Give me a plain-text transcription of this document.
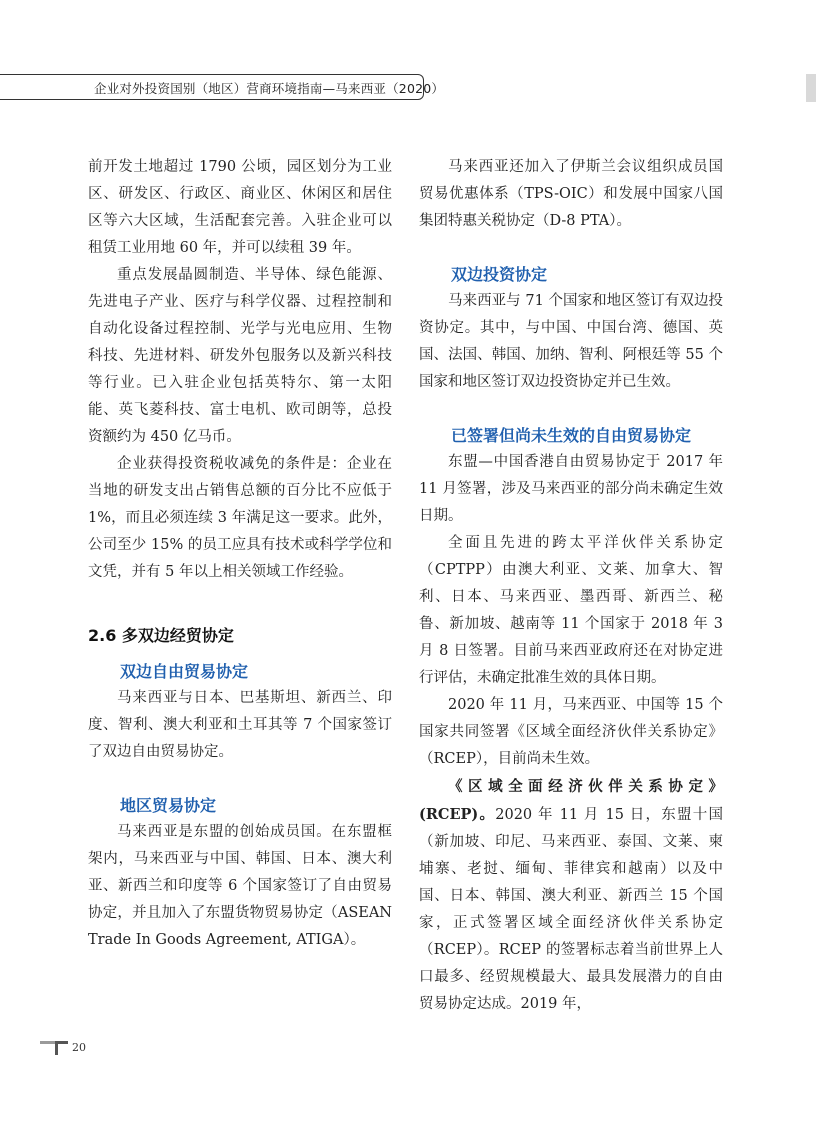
企业对外投资国别（地区）营商环境指南—马来西亚（2020）

前开发土地超过 1790 公顷，园区划分为工业区、研发区、行政区、商业区、休闲区和居住区等六大区域，生活配套完善。入驻企业可以租赁工业用地 60 年，并可以续租 39 年。

重点发展晶圆制造、半导体、绿色能源、先进电子产业、医疗与科学仪器、过程控制和自动化设备过程控制、光学与光电应用、生物科技、先进材料、研发外包服务以及新兴科技等行业。已入驻企业包括英特尔、第一太阳能、英飞菱科技、富士电机、欧司朗等，总投资额约为 450 亿马币。

企业获得投资税收减免的条件是：企业在当地的研发支出占销售总额的百分比不应低于 1%，而且必须连续 3 年满足这一要求。此外，公司至少 15% 的员工应具有技术或科学学位和文凭，并有 5 年以上相关领域工作经验。

2.6 多双边经贸协定

双边自由贸易协定

马来西亚与日本、巴基斯坦、新西兰、印度、智利、澳大利亚和土耳其等 7 个国家签订了双边自由贸易协定。

地区贸易协定

马来西亚是东盟的创始成员国。在东盟框架内，马来西亚与中国、韩国、日本、澳大利亚、新西兰和印度等 6 个国家签订了自由贸易协定，并且加入了东盟货物贸易协定（ASEAN Trade In Goods Agreement, ATIGA）。

马来西亚还加入了伊斯兰会议组织成员国贸易优惠体系（TPS-OIC）和发展中国家八国集团特惠关税协定（D-8 PTA）。

双边投资协定

马来西亚与 71 个国家和地区签订有双边投资协定。其中，与中国、中国台湾、德国、英国、法国、韩国、加纳、智利、阿根廷等 55 个国家和地区签订双边投资协定并已生效。

已签署但尚未生效的自由贸易协定

东盟—中国香港自由贸易协定于 2017 年 11 月签署，涉及马来西亚的部分尚未确定生效日期。

全面且先进的跨太平洋伙伴关系协定（CPTPP）由澳大利亚、文莱、加拿大、智利、日本、马来西亚、墨西哥、新西兰、秘鲁、新加坡、越南等 11 个国家于 2018 年 3 月 8 日签署。目前马来西亚政府还在对协定进行评估，未确定批准生效的具体日期。

2020 年 11 月，马来西亚、中国等 15 个国家共同签署《区域全面经济伙伴关系协定》（RCEP），目前尚未生效。

《区域全面经济伙伴关系协定》(RCEP)。2020 年 11 月 15 日，东盟十国（新加坡、印尼、马来西亚、泰国、文莱、柬埔寨、老挝、缅甸、菲律宾和越南）以及中国、日本、韩国、澳大利亚、新西兰 15 个国家，正式签署区域全面经济伙伴关系协定（RCEP）。RCEP 的签署标志着当前世界上人口最多、经贸规模最大、最具发展潜力的自由贸易协定达成。2019 年，

20
